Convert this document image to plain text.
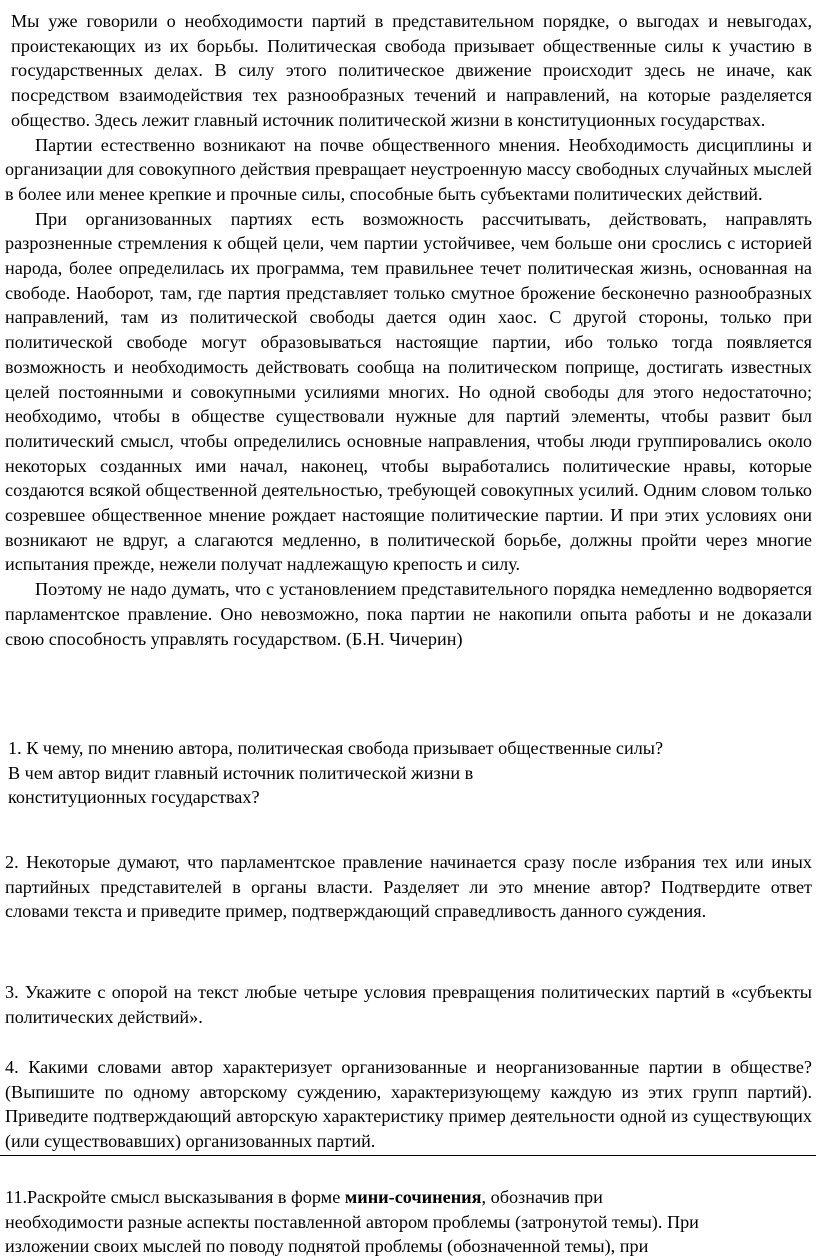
Мы уже говорили о необходимости партий в представительном порядке, о выгодах и невыгодах, проистекающих из их борьбы. Политическая свобода призывает общественные силы к участию в государственных делах. В силу этого политическое движение происходит здесь не иначе, как посредством взаимодействия тех разнообразных течений и направлений, на которые разделяется общество. Здесь лежит главный источник политической жизни в конституционных государствах.

Партии естественно возникают на почве общественного мнения. Необходимость дисциплины и организации для совокупного действия превращает неустроенную массу свободных случайных мыслей в более или менее крепкие и прочные силы, способные быть субъектами политических действий.

При организованных партиях есть возможность рассчитывать, действовать, направлять разрозненные стремления к общей цели, чем партии устойчивее, чем больше они срослись с историей народа, более определилась их программа, тем правильнее течет политическая жизнь, основанная на свободе. Наоборот, там, где партия представляет только смутное брожение бесконечно разнообразных направлений, там из политической свободы дается один хаос. С другой стороны, только при политической свободе могут образовываться настоящие партии, ибо только тогда появляется возможность и необходимость действовать сообща на политическом поприще, достигать известных целей постоянными и совокупными усилиями многих. Но одной свободы для этого недостаточно; необходимо, чтобы в обществе существовали нужные для партий элементы, чтобы развит был политический смысл, чтобы определились основные направления, чтобы люди группировались около некоторых созданных ими начал, наконец, чтобы выработались политические нравы, которые создаются всякой общественной деятельностью, требующей совокупных усилий. Одним словом только созревшее общественное мнение рождает настоящие политические партии. И при этих условиях они возникают не вдруг, а слагаются медленно, в политической борьбе, должны пройти через многие испытания прежде, нежели получат надлежащую крепость и силу.

Поэтому не надо думать, что с установлением представительного порядка немедленно водворяется парламентское правление. Оно невозможно, пока партии не накопили опыта работы и не доказали свою способность управлять государством. (Б.Н. Чичерин)

1. К чему, по мнению автора, политическая свобода призывает общественные силы?
В чем автор видит главный источник политической жизни в
конституционных государствах?
2. Некоторые думают, что парламентское правление начинается сразу после избрания тех или иных партийных представителей в органы власти. Разделяет ли это мнение автор? Подтвердите ответ словами текста и приведите пример, подтверждающий справедливость данного суждения.
3. Укажите с опорой на текст любые четыре условия превращения политических партий в «субъекты политических действий».
4. Какими словами автор характеризует организованные и неорганизованные партии в обществе? (Выпишите по одному авторскому суждению, характеризующему каждую из этих групп партий). Приведите подтверждающий авторскую характеристику пример деятельности одной из существующих (или существовавших) организованных партий.
11.Раскройте смысл высказывания в форме мини-сочинения, обозначив при
необходимости разные аспекты поставленной автором проблемы (затронутой темы). При
изложении своих мыслей по поводу поднятой проблемы (обозначенной темы), при
